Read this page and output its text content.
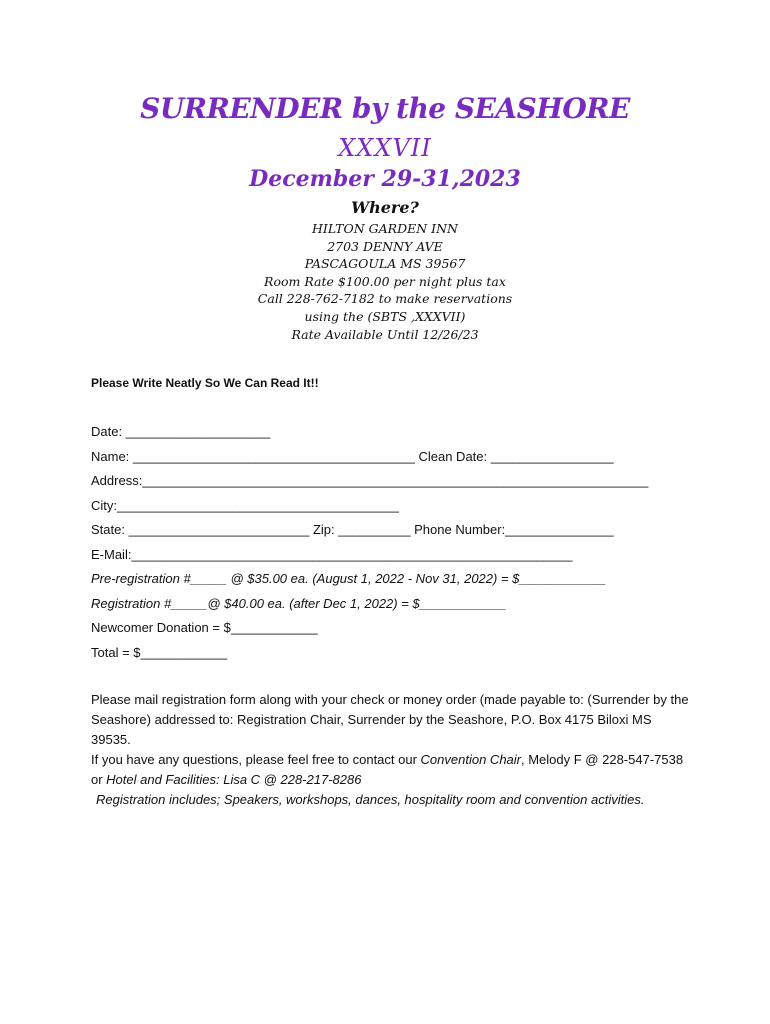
SURRENDER by the SEASHORE
XXXVII
December 29-31,2023
Where?
HILTON GARDEN INN
2703 DENNY AVE
PASCAGOULA MS 39567
Room Rate $100.00 per night plus tax
Call 228-762-7182 to make reservations
using the (SBTS ,XXXVII)
Rate Available Until 12/26/23
Please Write Neatly So We Can Read It!!
Date: ____________________
Name: _______________________________________ Clean Date: _________________
Address:______________________________________________________________________
City:_______________________________________
State: _________________________ Zip: __________ Phone Number:_______________
E-Mail:_____________________________________________________________
Pre-registration #_____ @ $35.00 ea. (August 1, 2022 - Nov 31, 2022) = $____________
Registration #_____@ $40.00 ea. (after Dec 1, 2022) = $____________
Newcomer Donation = $____________
Total = $____________

Please mail registration form along with your check or money order (made payable to: (Surrender by the Seashore) addressed to: Registration Chair, Surrender by the Seashore, P.O. Box 4175 Biloxi MS 39535.

If you have any questions, please feel free to contact our Convention Chair, Melody F @ 228-547-7538 or Hotel and Facilities: Lisa C @ 228-217-8286

Registration includes; Speakers, workshops, dances, hospitality room and convention activities.
